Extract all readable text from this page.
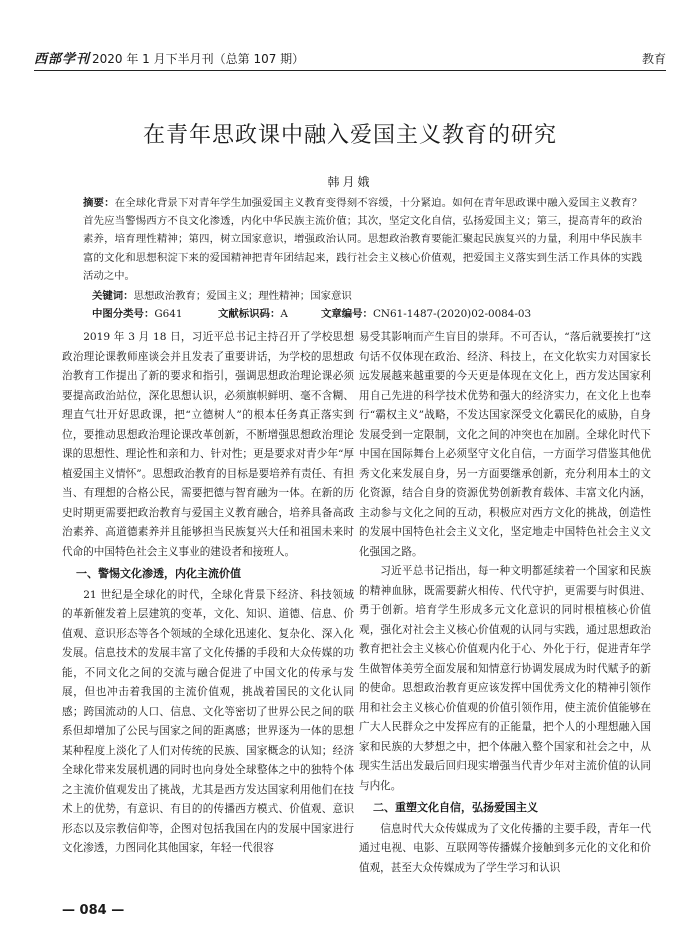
西部学刊 2020 年 1 月下半月刊（总第 107 期）	教育
在青年思政课中融入爱国主义教育的研究
韩月娥
摘要：在全球化背景下对青年学生加强爱国主义教育变得刻不容缓，十分紧迫。如何在青年思政课中融入爱国主义教育？首先应当警惕西方不良文化渗透，内化中华民族主流价值；其次，坚定文化自信，弘扬爱国主义；第三，提高青年的政治素养，培育理性精神；第四，树立国家意识，增强政治认同。思想政治教育要能汇聚起民族复兴的力量，利用中华民族丰富的文化和思想积淀下来的爱国精神把青年团结起来，践行社会主义核心价值观，把爱国主义落实到生活工作具体的实践活动之中。
关键词：思想政治教育；爱国主义；理性精神；国家意识
中图分类号：G641	文献标识码：A	文章编号：CN61-1487-(2020)02-0084-03

2019 年 3 月 18 日，习近平总书记主持召开了学校思想政治理论课教师座谈会并且发表了重要讲话，为学校的思想政治教育工作提出了新的要求和指引，强调思想政治理论课必须要提高政治站位，深化思想认识，必须旗帜鲜明、毫不含糊、理直气壮开好思政课，把“立德树人”的根本任务真正落实到位，要推动思想政治理论课改革创新，不断增强思想政治理论课的思想性、理论性和亲和力、针对性；更是要求对青少年“厚植爱国主义情怀”。思想政治教育的目标是要培养有责任、有担当、有理想的合格公民，需要把德与智育融为一体。在新的历史时期更需要把政治教育与爱国主义教育融合，培养具备高政治素养、高道德素养并且能够担当民族复兴大任和祖国未来时代命的中国特色社会主义事业的建设者和接班人。

一、警惕文化渗透，内化主流价值

21 世纪是全球化的时代，全球化背景下经济、科技领域的革新催发着上层建筑的变革，文化、知识、道德、信息、价值观、意识形态等各个领域的全球化迅速化、复杂化、深入化发展。信息技术的发展丰富了文化传播的手段和大众传媒的功能，不同文化之间的交流与融合促进了中国文化的传承与发展，但也冲击着我国的主流价值观，挑战着国民的文化认同感；跨国流动的人口、信息、文化等密切了世界公民之间的联系但却增加了公民与国家之间的距离感；世界逐为一体的思想某种程度上淡化了人们对传统的民族、国家概念的认知；经济全球化带来发展机遇的同时也向身处全球整体之中的独特个体之主流价值观发出了挑战，尤其是西方发达国家利用他们在技术上的优势，有意识、有目的的传播西方模式、价值观、意识形态以及宗教信仰等，企图对包括我国在内的发展中国家进行文化渗透，力图同化其他国家，年轻一代很容

易受其影响而产生盲目的崇拜。不可否认，“落后就要挨打”这句话不仅体现在政治、经济、科技上，在文化软实力对国家长远发展越来越重要的今天更是体现在文化上，西方发达国家利用自己先进的科学技术优势和强大的经济实力，在文化上也奉行“霸权主义”战略，不发达国家深受文化霸民化的威胁，自身发展受到一定限制，文化之间的冲突也在加剧。全球化时代下中国在国际舞台上必须坚守文化自信，一方面学习借鉴其他优秀文化来发展自身，另一方面要继承创新，充分利用本土的文化资源，结合自身的资源优势创新教育载体、丰富文化内涵，主动参与文化之间的互动，积极应对西方文化的挑战，创造性的发展中国特色社会主义文化，坚定地走中国特色社会主义文化强国之路。

习近平总书记指出，每一种文明都延续着一个国家和民族的精神血脉，既需要薪火相传、代代守护，更需要与时俱进、勇于创新。培育学生形成多元文化意识的同时根植核心价值观，强化对社会主义核心价值观的认同与实践，通过思想政治教育把社会主义核心价值观内化于心、外化于行，促进青年学生做智体美劳全面发展和知情意行协调发展成为时代赋予的新的使命。思想政治教育更应该发挥中国优秀文化的精神引领作用和社会主义核心价值观的价值引领作用，使主流价值能够在广大人民群众之中发挥应有的正能量，把个人的小理想融入国家和民族的大梦想之中，把个体融入整个国家和社会之中，从现实生活出发最后回归现实增强当代青少年对主流价值的认同与内化。

二、重塑文化自信，弘扬爱国主义

信息时代大众传媒成为了文化传播的主要手段，青年一代通过电视、电影、互联网等传播媒介接触到多元化的文化和价值观，甚至大众传媒成为了学生学习和认识

— 084 —
